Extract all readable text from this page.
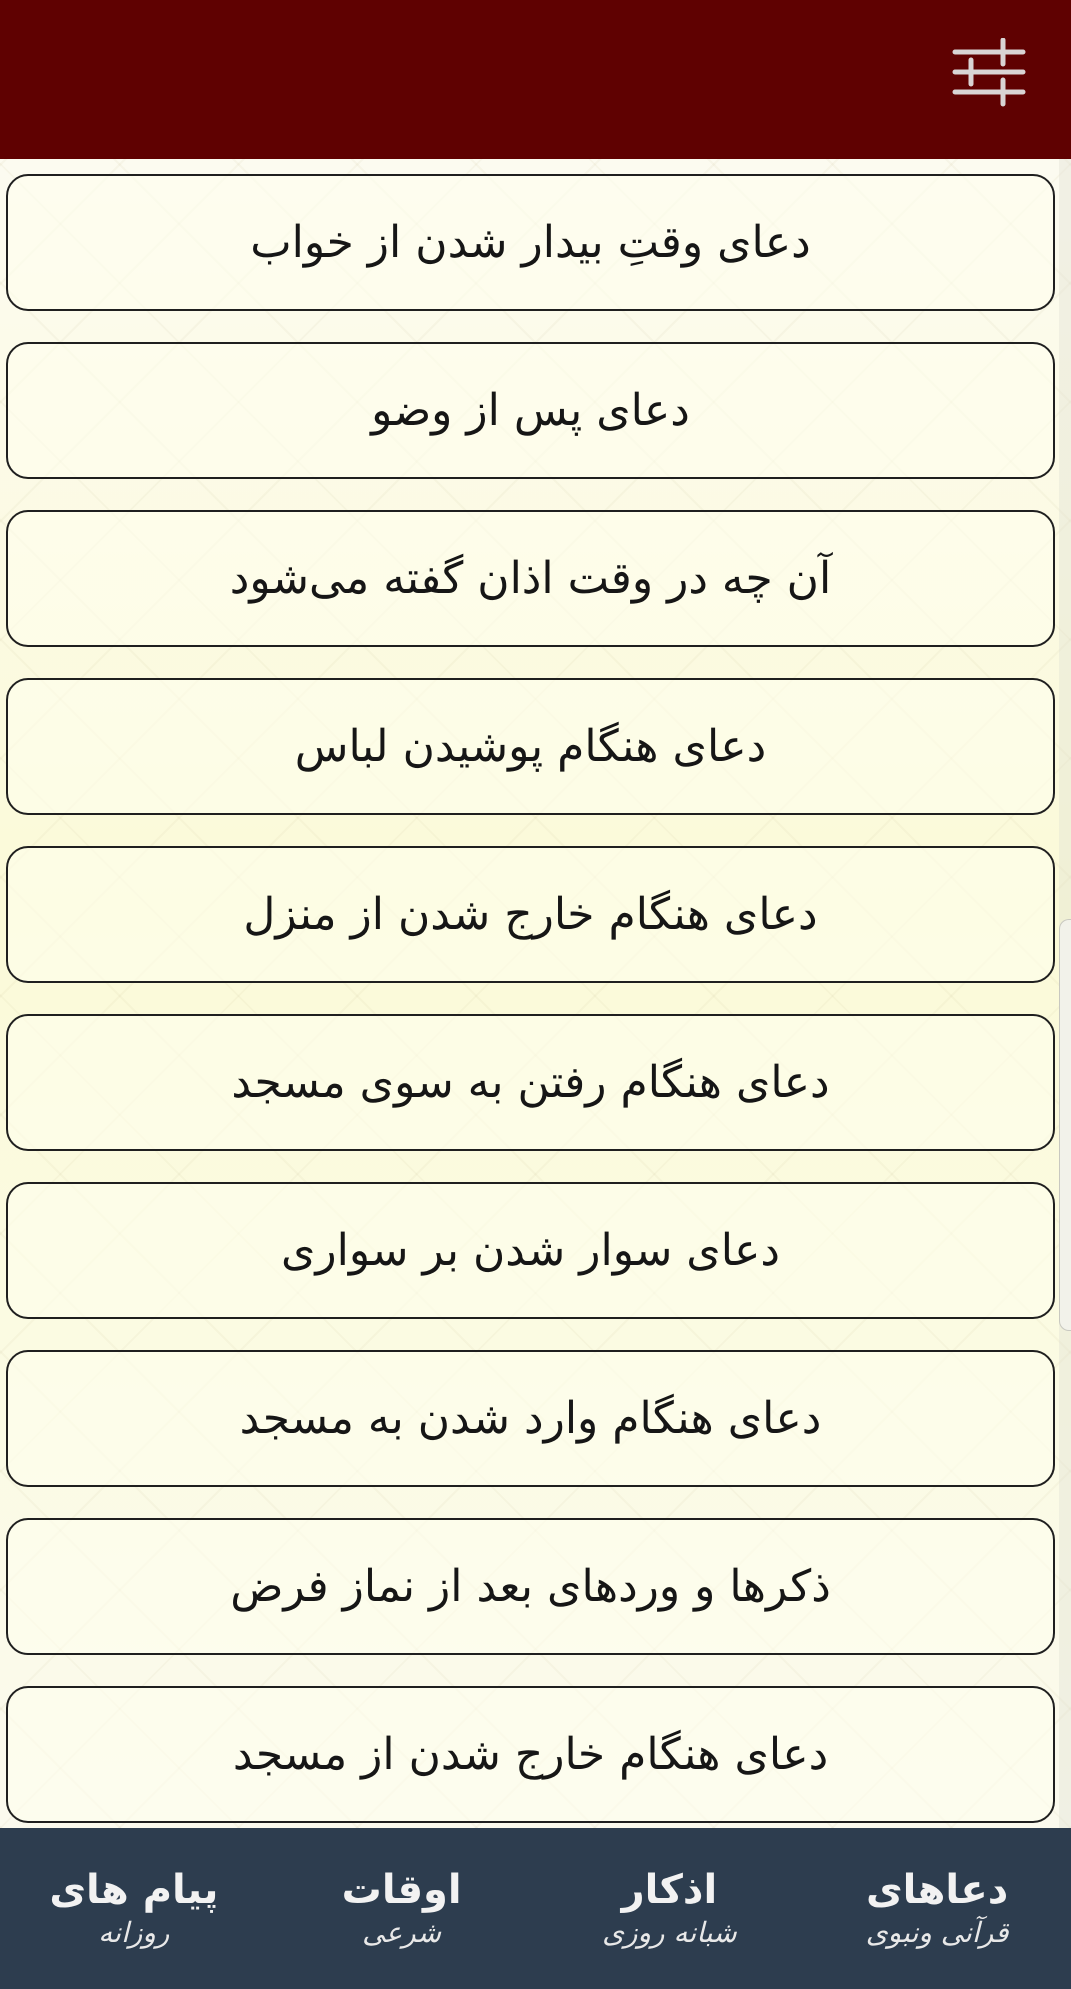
دعای وقتِ بیدار شدن از خواب
دعای پس از وضو
آن چه در وقت اذان گفته می‌شود
دعای هنگام پوشیدن لباس
دعای هنگام خارج شدن از منزل
دعای هنگام رفتن به سوی مسجد
دعای سوار شدن بر سواری
دعای هنگام وارد شدن به مسجد
ذکرها و وردهای بعد از نماز فرض
دعای هنگام خارج شدن از مسجد
دعاهای
قرآنی ونبوی
اذکار
شبانه روزی
اوقات
شرعی
پیام های
روزانه
